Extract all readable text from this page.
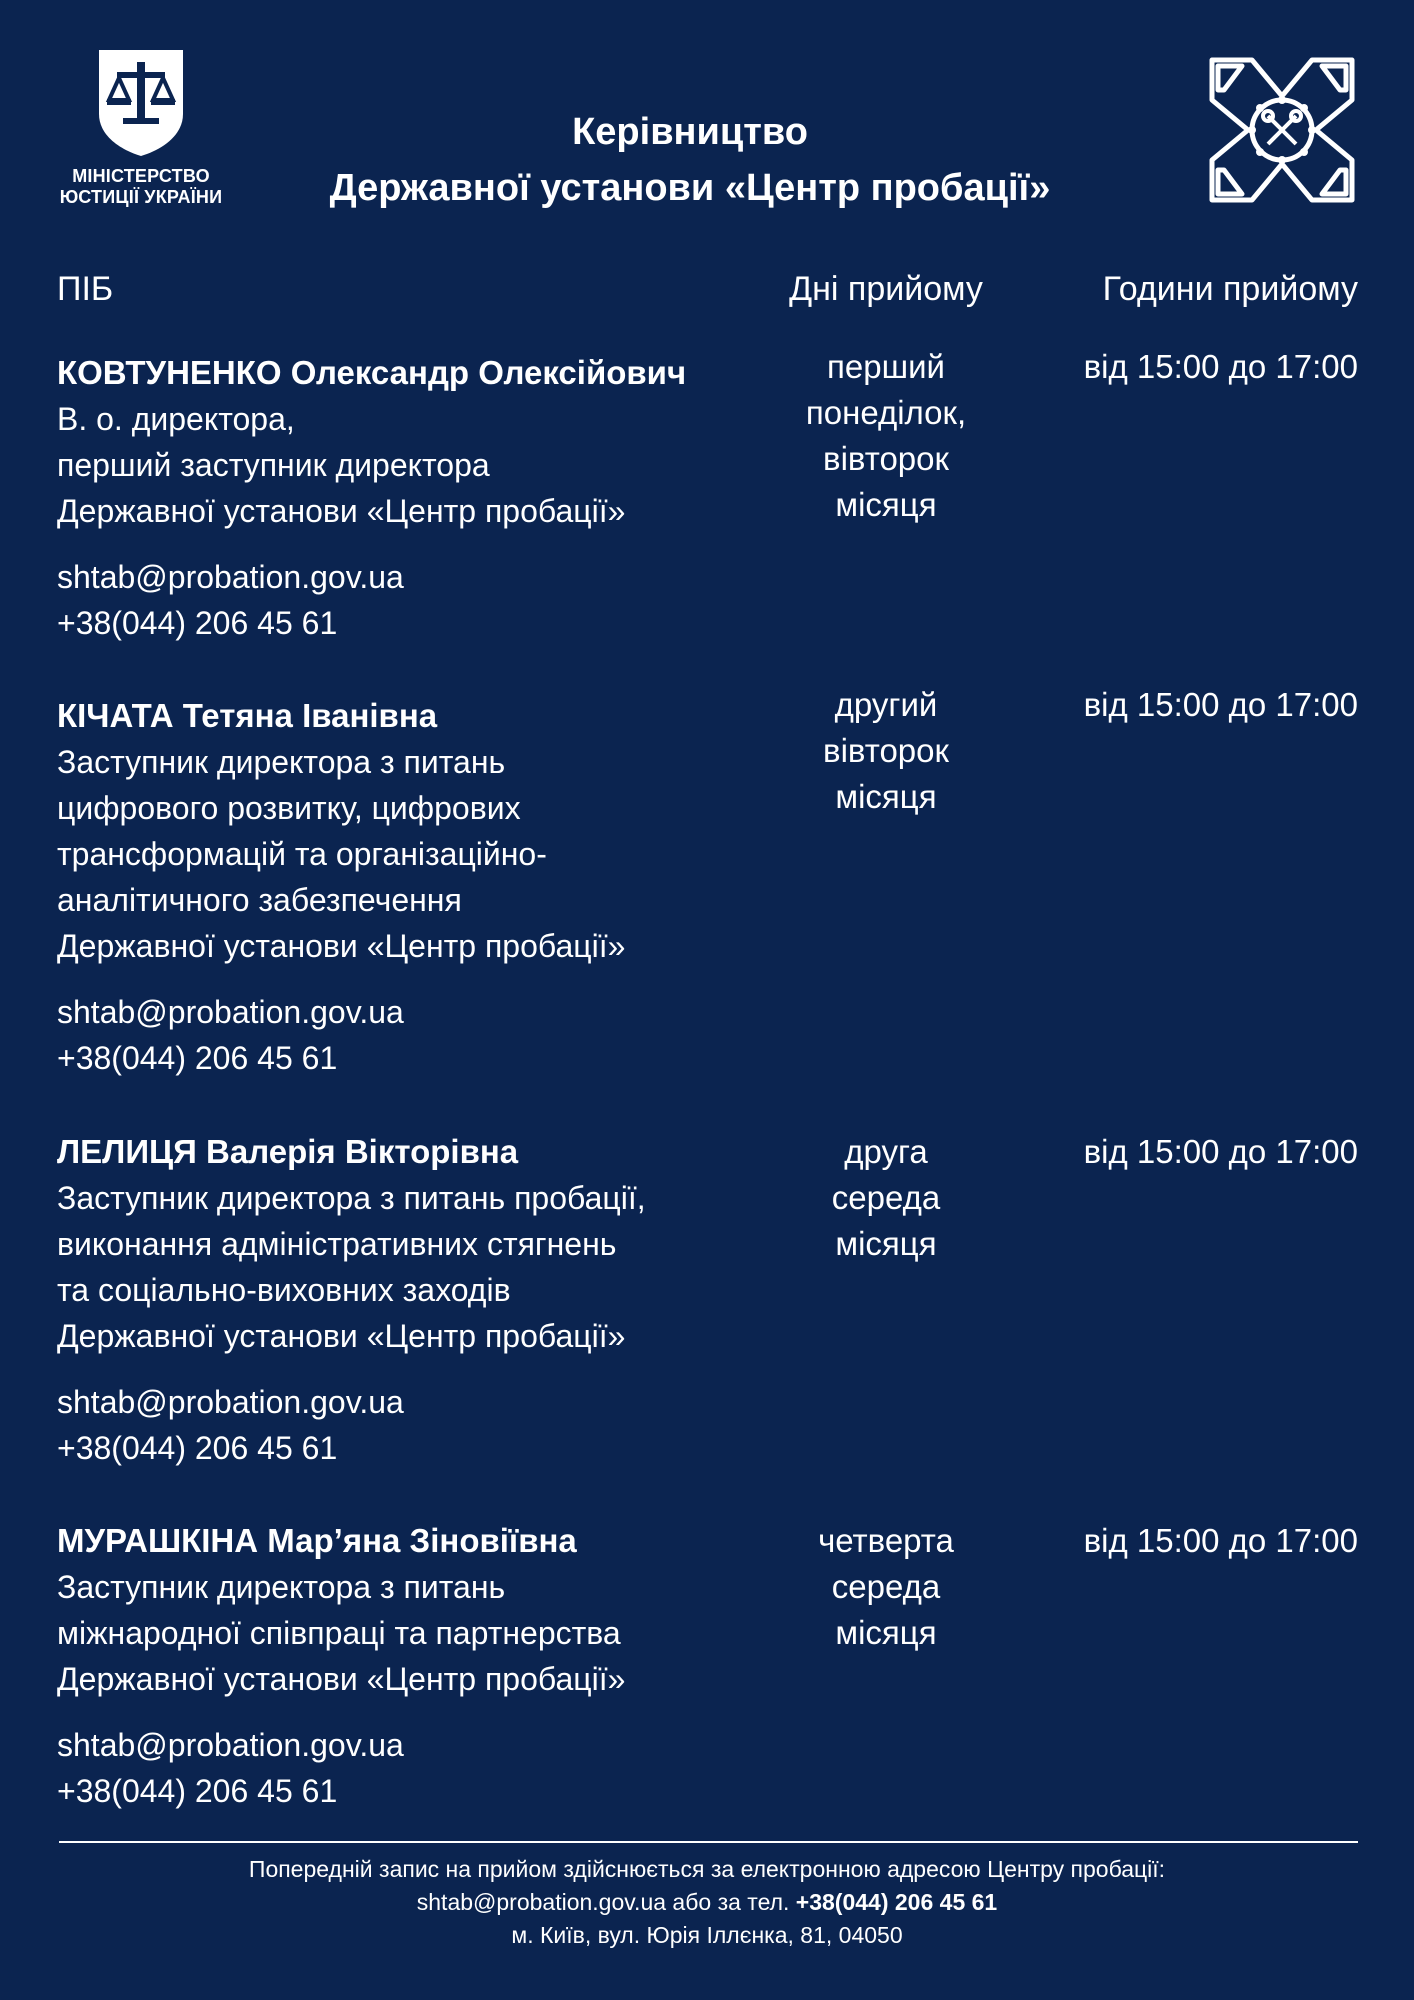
МІНІСТЕРСТВО
ЮСТИЦІЇ УКРАЇНИ
Керівництво
Державної установи «Центр пробації»
ПІБ	Дні прийому	Години прийому
КОВТУНЕНКО Олександр Олексійович
В. о. директора,
перший заступник директора
Державної установи «Центр пробації»
shtab@probation.gov.ua
+38(044) 206 45 61
перший
понеділок,
вівторок
місяця
від 15:00 до 17:00
КІЧАТА Тетяна Іванівна
Заступник директора з питань
цифрового розвитку, цифрових
трансформацій та організаційно-
аналітичного забезпечення
Державної установи «Центр пробації»
shtab@probation.gov.ua
+38(044) 206 45 61
другий
вівторок
місяця
від 15:00 до 17:00
ЛЕЛИЦЯ Валерія Вікторівна
Заступник директора з питань пробації,
виконання адміністративних стягнень
та соціально-виховних заходів
Державної установи «Центр пробації»
shtab@probation.gov.ua
+38(044) 206 45 61
друга
середа
місяця
від 15:00 до 17:00
МУРАШКІНА Мар’яна Зіновіївна
Заступник директора з питань
міжнародної співпраці та партнерства
Державної установи «Центр пробації»
shtab@probation.gov.ua
+38(044) 206 45 61
четверта
середа
місяця
від 15:00 до 17:00
Попередній запис на прийом здійснюється за електронною адресою Центру пробації:
shtab@probation.gov.ua або за тел. +38(044) 206 45 61
м. Київ, вул. Юрія Іллєнка, 81, 04050
